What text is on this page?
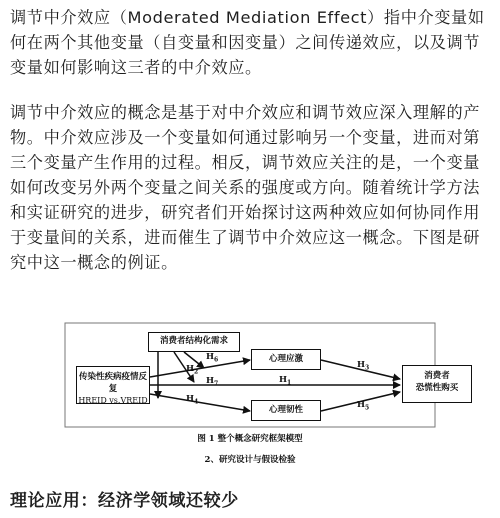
调节中介效应（Moderated Mediation Effect）指中介变量如何在两个其他变量（自变量和因变量）之间传递效应，以及调节变量如何影响这三者的中介效应。

调节中介效应的概念是基于对中介效应和调节效应深入理解的产物。中介效应涉及一个变量如何通过影响另一个变量，进而对第三个变量产生作用的过程。相反，调节效应关注的是，一个变量如何改变另外两个变量之间关系的强度或方向。随着统计学方法和实证研究的进步，研究者们开始探讨这两种效应如何协同作用于变量间的关系，进而催生了调节中介效应这一概念。下图是研究中这一概念的例证。

消费者结构化需求
心理应激
传染性疾病疫情反复
HREID vs.VREID
心理韧性
消费者
恐慌性购买
$H_6$
$H_2$
$H_7$	$H_1$
$H_4$
$H_3$
$H_5$
图 1 整个概念研究框架模型
2、研究设计与假设检验
理论应用：经济学领域还较少
